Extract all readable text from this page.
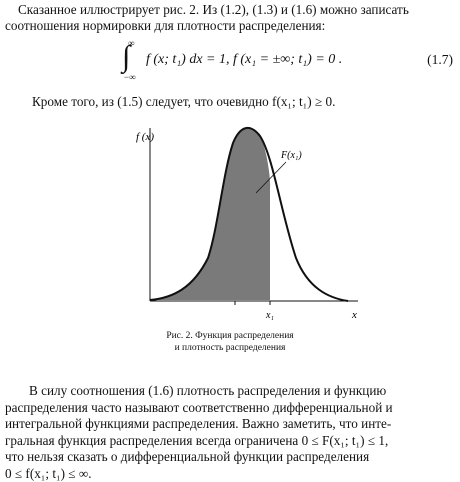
Сказанное иллюстрирует рис. 2. Из (1.2), (1.3) и (1.6) можно записать
соотношения нормировки для плотности распределения:
∫
∞
−∞
f (x; t₁) dx = 1, f (x₁ = ±∞; t₁) = 0 .	(1.7)
Кроме того, из (1.5) следует, что очевидно f(x₁; t₁) ≥ 0.
f (x)
x
x₁
F(x₁)
Рис. 2. Функция распределения
и плотность распределения
В силу соотношения (1.6) плотность распределения и функцию
распределения часто называют соответственно дифференциальной и
интегральной функциями распределения. Важно заметить, что инте-
гральная функция распределения всегда ограничена 0 ≤ F(x₁; t₁) ≤ 1,
что нельзя сказать о дифференциальной функции распределения
0 ≤ f(x₁; t₁) ≤ ∞.
